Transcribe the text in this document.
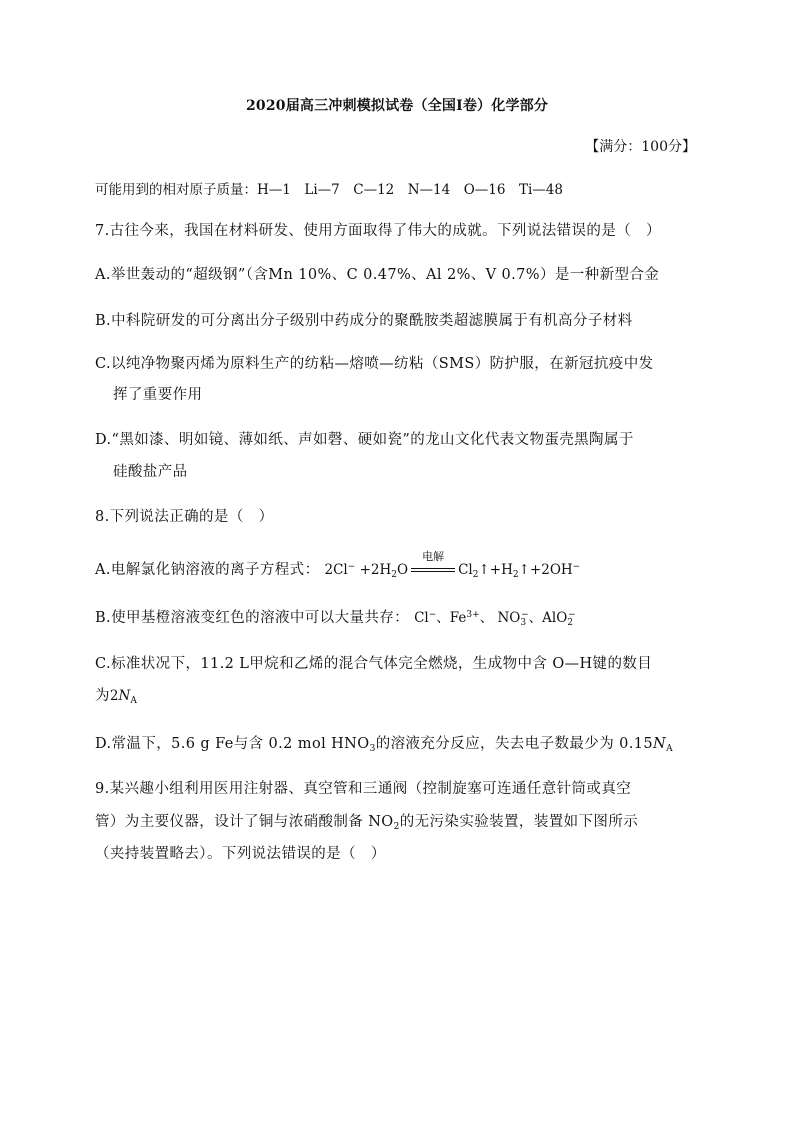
2020届高三冲刺模拟试卷（全国Ⅰ卷）化学部分
【满分：100分】
可能用到的相对原子质量：H—1　Li—7　C—12　N—14　O—16　Ti—48
7.古往今来，我国在材料研发、使用方面取得了伟大的成就。下列说法错误的是（　）
A.举世轰动的“超级钢”（含Mn 10%、C 0.47%、Al 2%、V 0.7%）是一种新型合金
B.中科院研发的可分离出分子级别中药成分的聚酰胺类超滤膜属于有机高分子材料
C.以纯净物聚丙烯为原料生产的纺粘—熔喷—纺粘（SMS）防护服，在新冠抗疫中发
挥了重要作用
D.“黑如漆、明如镜、薄如纸、声如磬、硬如瓷”的龙山文化代表文物蛋壳黑陶属于
硅酸盐产品
8.下列说法正确的是（　）
A.电解氯化钠溶液的离子方程式： $2Cl^- +2H_2O$
电解
$Cl_2↑+H_2↑+2OH^-$
B.使甲基橙溶液变红色的溶液中可以大量共存： Cl−、$Fe^{3+}$、 $NO_3^-$、AlO$_2$−
C.标准状况下，11.2 L甲烷和乙烯的混合气体完全燃烧，生成物中含 O—H键的数目
为$2N_A$
D.常温下，5.6 g Fe与含 0.2 mol $HNO_3$的溶液充分反应，失去电子数最少为 $0.15N_A$
9.某兴趣小组利用医用注射器、真空管和三通阀（控制旋塞可连通任意针筒或真空
管）为主要仪器，设计了铜与浓硝酸制备 $NO_2$的无污染实验装置，装置如下图所示
（夹持装置略去）。下列说法错误的是（　）
